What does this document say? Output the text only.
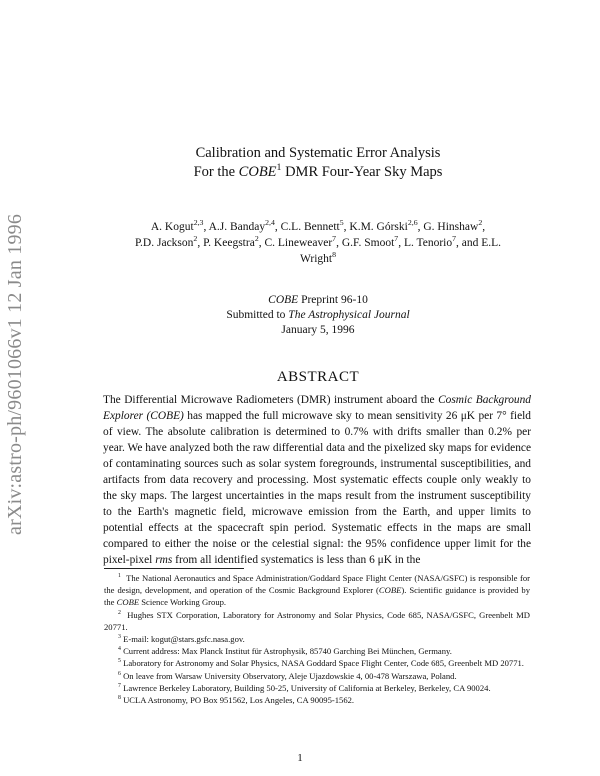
arXiv:astro-ph/9601066v1 12 Jan 1996
Calibration and Systematic Error Analysis
For the COBE$^1$ DMR Four-Year Sky Maps
A. Kogut$^{2,3}$, A.J. Banday$^{2,4}$, C.L. Bennett$^5$, K.M. Górski$^{2,6}$, G. Hinshaw$^2$,
P.D. Jackson$^2$, P. Keegstra$^2$, C. Lineweaver$^7$, G.F. Smoot$^7$, L. Tenorio$^7$, and E.L.
Wright$^8$
COBE Preprint 96-10
Submitted to The Astrophysical Journal
January 5, 1996
ABSTRACT
The Differential Microwave Radiometers (DMR) instrument aboard the Cosmic Background Explorer (COBE) has mapped the full microwave sky to mean sensitivity 26 μK per 7° field of view. The absolute calibration is determined to 0.7% with drifts smaller than 0.2% per year. We have analyzed both the raw differential data and the pixelized sky maps for evidence of contaminating sources such as solar system foregrounds, instrumental susceptibilities, and artifacts from data recovery and processing. Most systematic effects couple only weakly to the sky maps. The largest uncertainties in the maps result from the instrument susceptibility to the Earth's magnetic field, microwave emission from the Earth, and upper limits to potential effects at the spacecraft spin period. Systematic effects in the maps are small compared to either the noise or the celestial signal: the 95% confidence upper limit for the pixel-pixel rms from all identified systematics is less than 6 μK in the

$^1$ The National Aeronautics and Space Administration/Goddard Space Flight Center (NASA/GSFC) is responsible for the design, development, and operation of the Cosmic Background Explorer (COBE). Scientific guidance is provided by the COBE Science Working Group.

$^2$ Hughes STX Corporation, Laboratory for Astronomy and Solar Physics, Code 685, NASA/GSFC, Greenbelt MD 20771.

$^3$ E-mail: kogut@stars.gsfc.nasa.gov.

$^4$ Current address: Max Planck Institut für Astrophysik, 85740 Garching Bei München, Germany.

$^5$ Laboratory for Astronomy and Solar Physics, NASA Goddard Space Flight Center, Code 685, Greenbelt MD 20771.

$^6$ On leave from Warsaw University Observatory, Aleje Ujazdowskie 4, 00-478 Warszawa, Poland.

$^7$ Lawrence Berkeley Laboratory, Building 50-25, University of California at Berkeley, Berkeley, CA 90024.

$^8$ UCLA Astronomy, PO Box 951562, Los Angeles, CA 90095-1562.

1
